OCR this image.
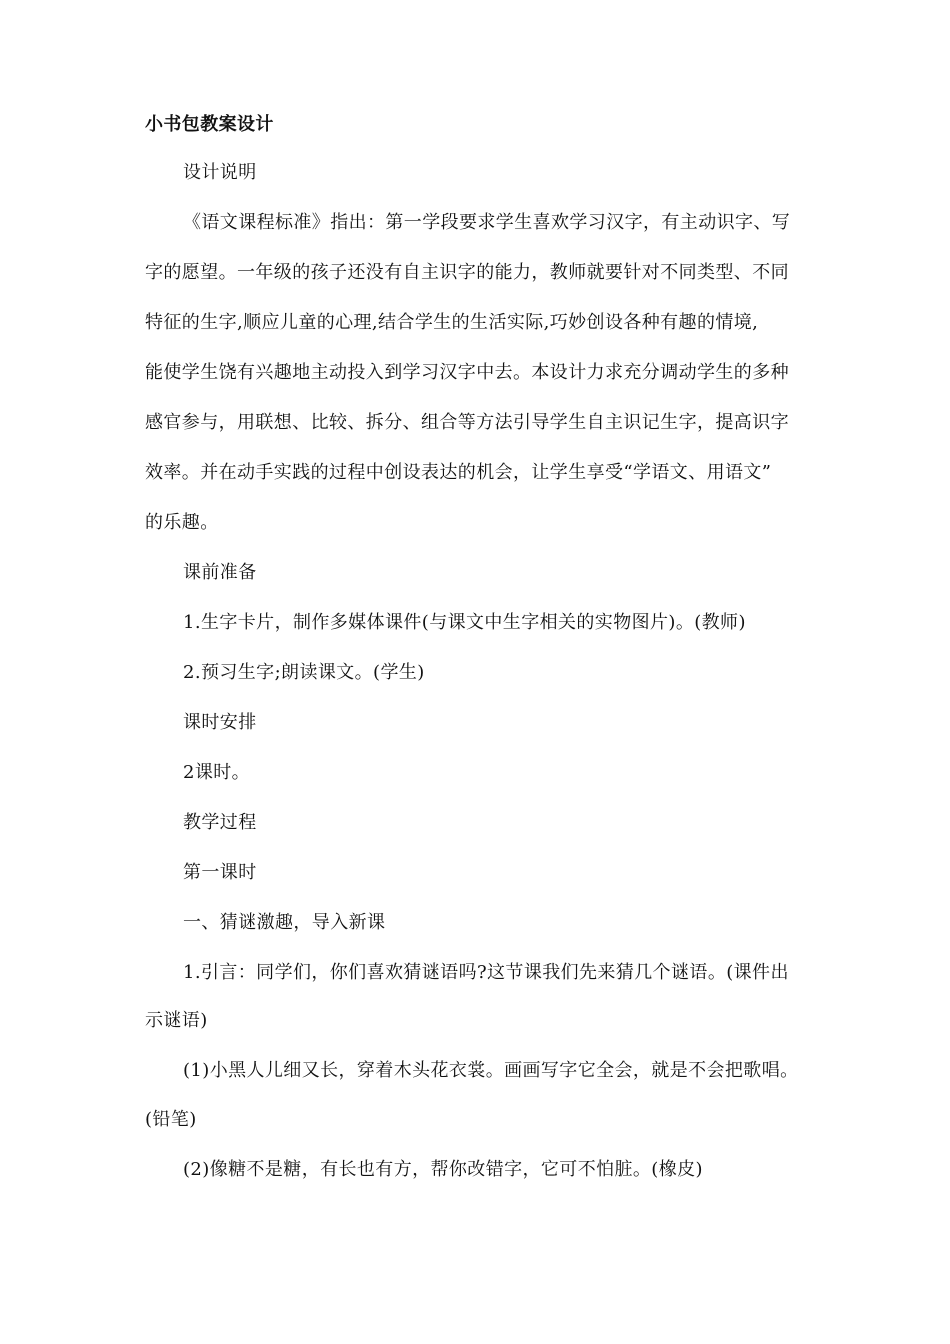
小书包教案设计
设计说明
《语文课程标准》指出：第一学段要求学生喜欢学习汉字，有主动识字、写
字的愿望。一年级的孩子还没有自主识字的能力，教师就要针对不同类型、不同
特征的生字,顺应儿童的心理,结合学生的生活实际,巧妙创设各种有趣的情境,
能使学生饶有兴趣地主动投入到学习汉字中去。本设计力求充分调动学生的多种
感官参与，用联想、比较、拆分、组合等方法引导学生自主识记生字，提高识字
效率。并在动手实践的过程中创设表达的机会，让学生享受“学语文、用语文”
的乐趣。
课前准备
1.生字卡片，制作多媒体课件(与课文中生字相关的实物图片)。(教师)
2.预习生字;朗读课文。(学生)
课时安排
2课时。
教学过程
第一课时
一、猜谜激趣，导入新课
1.引言：同学们，你们喜欢猜谜语吗?这节课我们先来猜几个谜语。(课件出
示谜语)
(1)小黑人儿细又长，穿着木头花衣裳。画画写字它全会，就是不会把歌唱。
(铅笔)
(2)像糖不是糖，有长也有方，帮你改错字，它可不怕脏。(橡皮)
